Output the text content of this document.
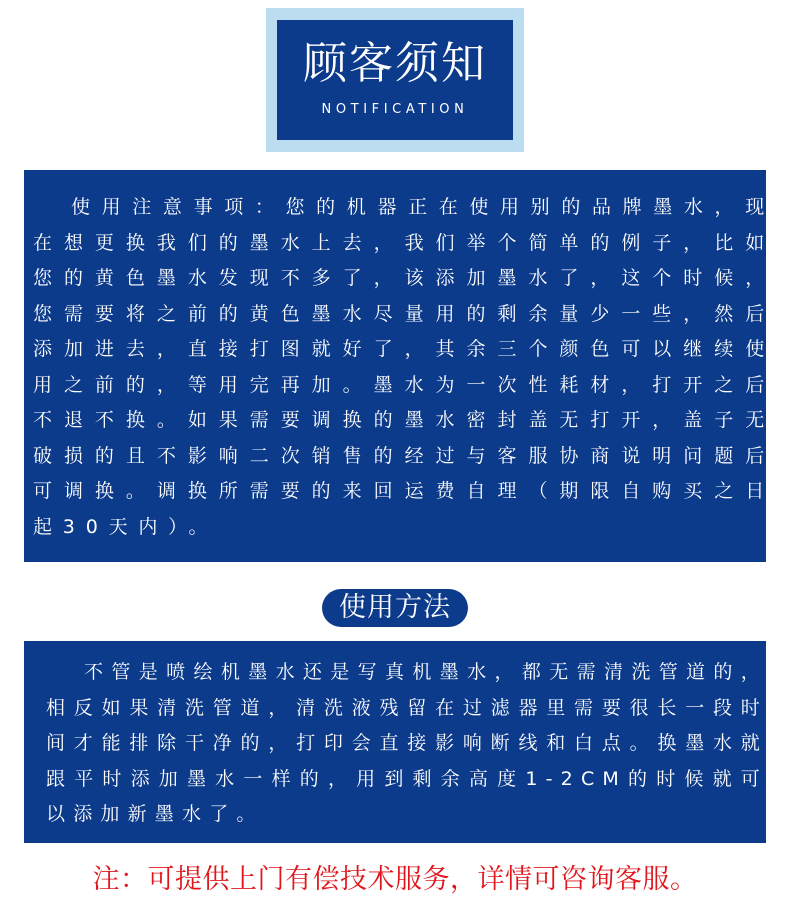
顾客须知
NOTIFICATION

使用注意事项：您的机器正在使用别的品牌墨水，现在想更换我们的墨水上去，我们举个简单的例子，比如您的黄色墨水发现不多了，该添加墨水了，这个时候，您需要将之前的黄色墨水尽量用的剩余量少一些，然后添加进去，直接打图就好了，其余三个颜色可以继续使用之前的，等用完再加。墨水为一次性耗材，打开之后不退不换。如果需要调换的墨水密封盖无打开，盖子无破损的且不影响二次销售的经过与客服协商说明问题后可调换。调换所需要的来回运费自理（期限自购买之日起30天内）。

使用方法

不管是喷绘机墨水还是写真机墨水，都无需清洗管道的，相反如果清洗管道，清洗液残留在过滤器里需要很长一段时间才能排除干净的，打印会直接影响断线和白点。换墨水就跟平时添加墨水一样的，用到剩余高度1-2CM的时候就可以添加新墨水了。

注：可提供上门有偿技术服务，详情可咨询客服。
